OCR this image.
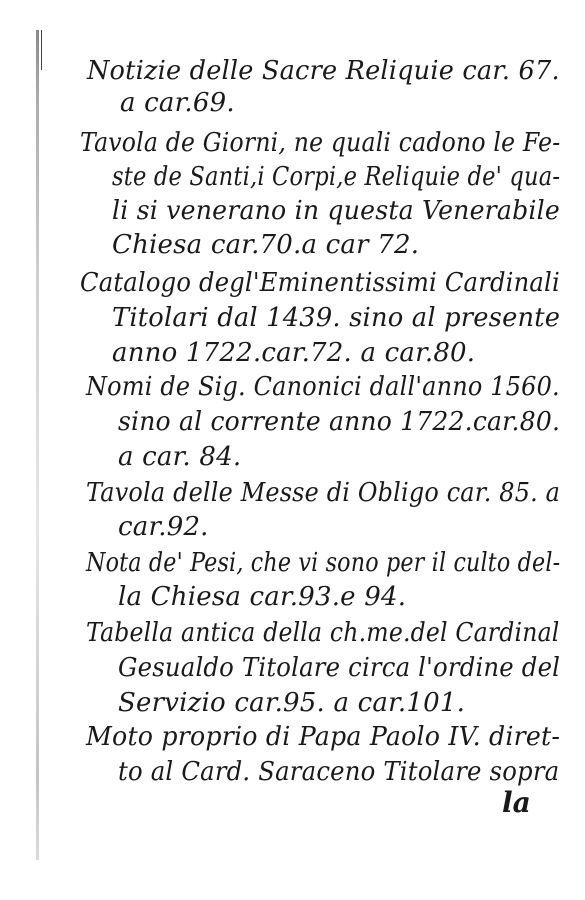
Notizie delle Sacre Reliquie car. 67.
a car.69.
Tavola de Giorni, ne quali cadono le Fe-
ste de Santi,i Corpi,e Reliquie de' qua-
li si venerano in questa Venerabile
Chiesa car.70.a car 72.
Catalogo degl'Eminentissimi Cardinali
Titolari dal 1439. sino al presente
anno 1722.car.72. a car.80.
Nomi de Sig. Canonici dall'anno 1560.
sino al corrente anno 1722.car.80.
a car. 84.
Tavola delle Messe di Obligo car. 85. a
car.92.
Nota de' Pesi, che vi sono per il culto del-
la Chiesa car.93.e 94.
Tabella antica della ch.me.del Cardinal
Gesualdo Titolare circa l'ordine del
Servizio car.95. a car.101.
Moto proprio di Papa Paolo IV. diret-
to al Card. Saraceno Titolare sopra
la
